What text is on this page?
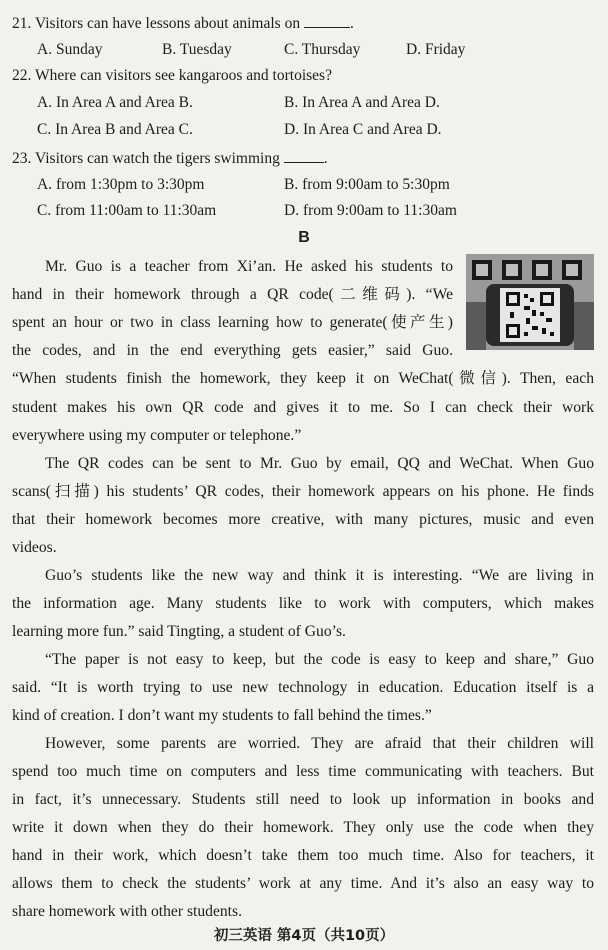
21. Visitors can have lessons about animals on	.
A. Sunday	B. Tuesday	C. Thursday	D. Friday
22. Where can visitors see kangaroos and tortoises?
A. In Area A and Area B.	B. In Area A and Area D.
C. In Area B and Area C.	D. In Area C and Area D.
23. Visitors can watch the tigers swimming	.
A. from 1:30pm to 3:30pm	B. from 9:00am to 5:30pm
C. from 11:00am to 11:30am	D. from 9:00am to 11:30am
B
Mr. Guo is a teacher from Xi’an. He asked his students to
hand in their homework through a QR code(二维码). “We
spent an hour or two in class learning how to generate(使产生)
the codes, and in the end everything gets easier,” said Guo.
“When students finish the homework, they keep it on WeChat(微信). Then, each
student makes his own QR code and gives it to me. So I can check their work
everywhere using my computer or telephone.”
The QR codes can be sent to Mr. Guo by email, QQ and WeChat. When Guo
scans(扫描) his students’ QR codes, their homework appears on his phone. He finds
that their homework becomes more creative, with many pictures, music and even
videos.
Guo’s students like the new way and think it is interesting. “We are living in
the information age. Many students like to work with computers, which makes
learning more fun.” said Tingting, a student of Guo’s.
“The paper is not easy to keep, but the code is easy to keep and share,” Guo
said. “It is worth trying to use new technology in education. Education itself is a
kind of creation. I don’t want my students to fall behind the times.”
However, some parents are worried. They are afraid that their children will
spend too much time on computers and less time communicating with teachers. But
in fact, it’s unnecessary. Students still need to look up information in books and
write it down when they do their homework. They only use the code when they
hand in their work, which doesn’t take them too much time. Also for teachers, it
allows them to check the students’ work at any time. And it’s also an easy way to
share homework with other students.
初三英语 第4页（共10页）
